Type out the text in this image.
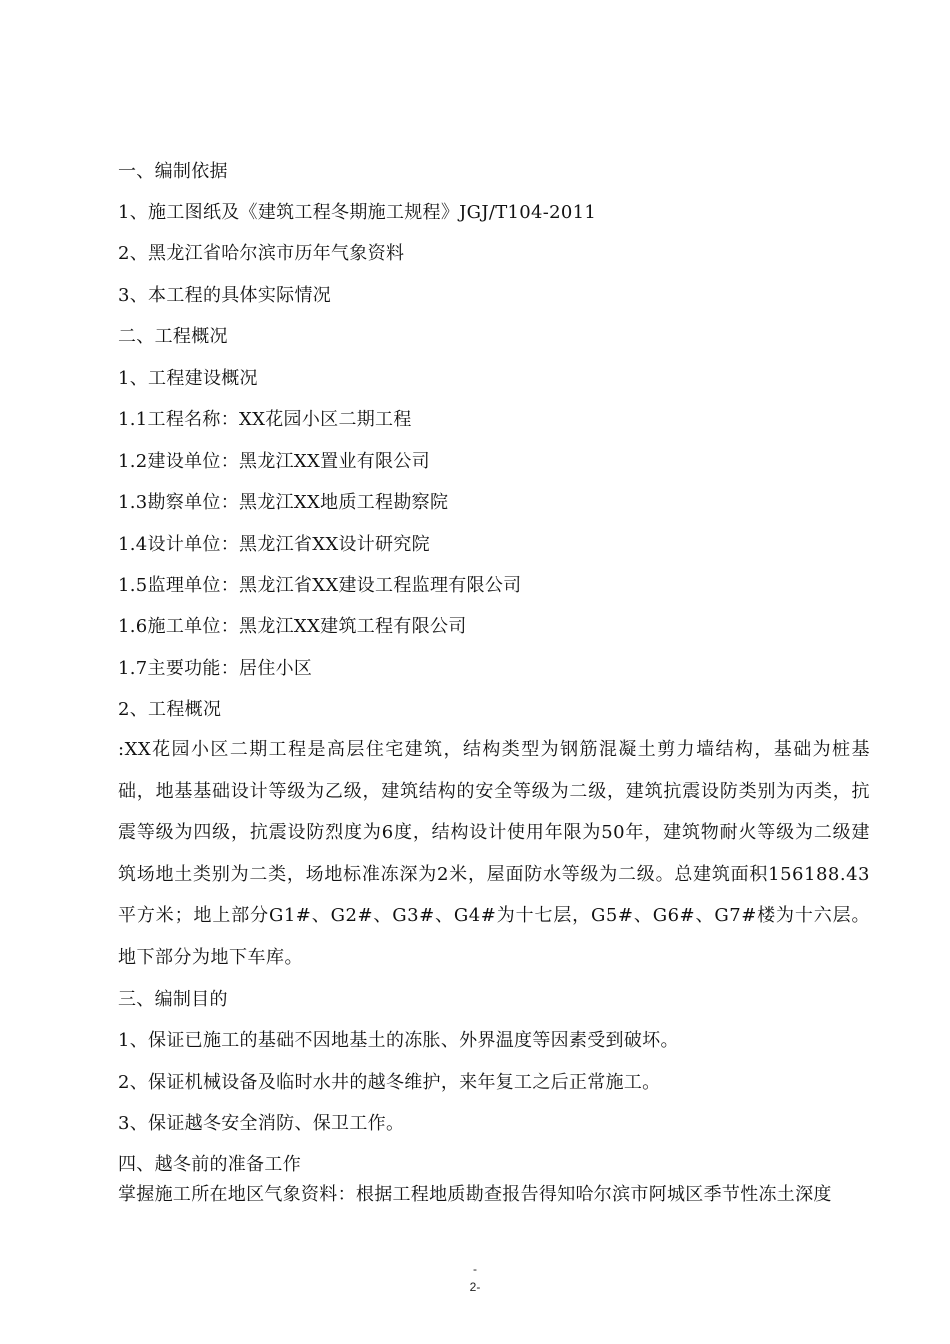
一、编制依据
1、施工图纸及《建筑工程冬期施工规程》JGJ/T104-2011
2、黑龙江省哈尔滨市历年气象资料
3、本工程的具体实际情况
二、工程概况
1、工程建设概况
1.1工程名称：XX花园小区二期工程
1.2建设单位：黑龙江XX置业有限公司
1.3勘察单位：黑龙江XX地质工程勘察院
1.4设计单位：黑龙江省XX设计研究院
1.5监理单位：黑龙江省XX建设工程监理有限公司
1.6施工单位：黑龙江XX建筑工程有限公司
1.7主要功能：居住小区
2、工程概况
:XX花园小区二期工程是高层住宅建筑，结构类型为钢筋混凝土剪力墙结构，基础为桩基础，地基基础设计等级为乙级，建筑结构的安全等级为二级，建筑抗震设防类别为丙类，抗震等级为四级，抗震设防烈度为6度，结构设计使用年限为50年，建筑物耐火等级为二级建筑场地土类别为二类，场地标准冻深为2米，屋面防水等级为二级。总建筑面积156188.43平方米；地上部分G1#、G2#、G3#、G4#为十七层，G5#、G6#、G7#楼为十六层。地下部分为地下车库。
三、编制目的
1、保证已施工的基础不因地基土的冻胀、外界温度等因素受到破坏。
2、保证机械设备及临时水井的越冬维护，来年复工之后正常施工。
3、保证越冬安全消防、保卫工作。
四、越冬前的准备工作
掌握施工所在地区气象资料：根据工程地质勘查报告得知哈尔滨市阿城区季节性冻土深度
-
2-
